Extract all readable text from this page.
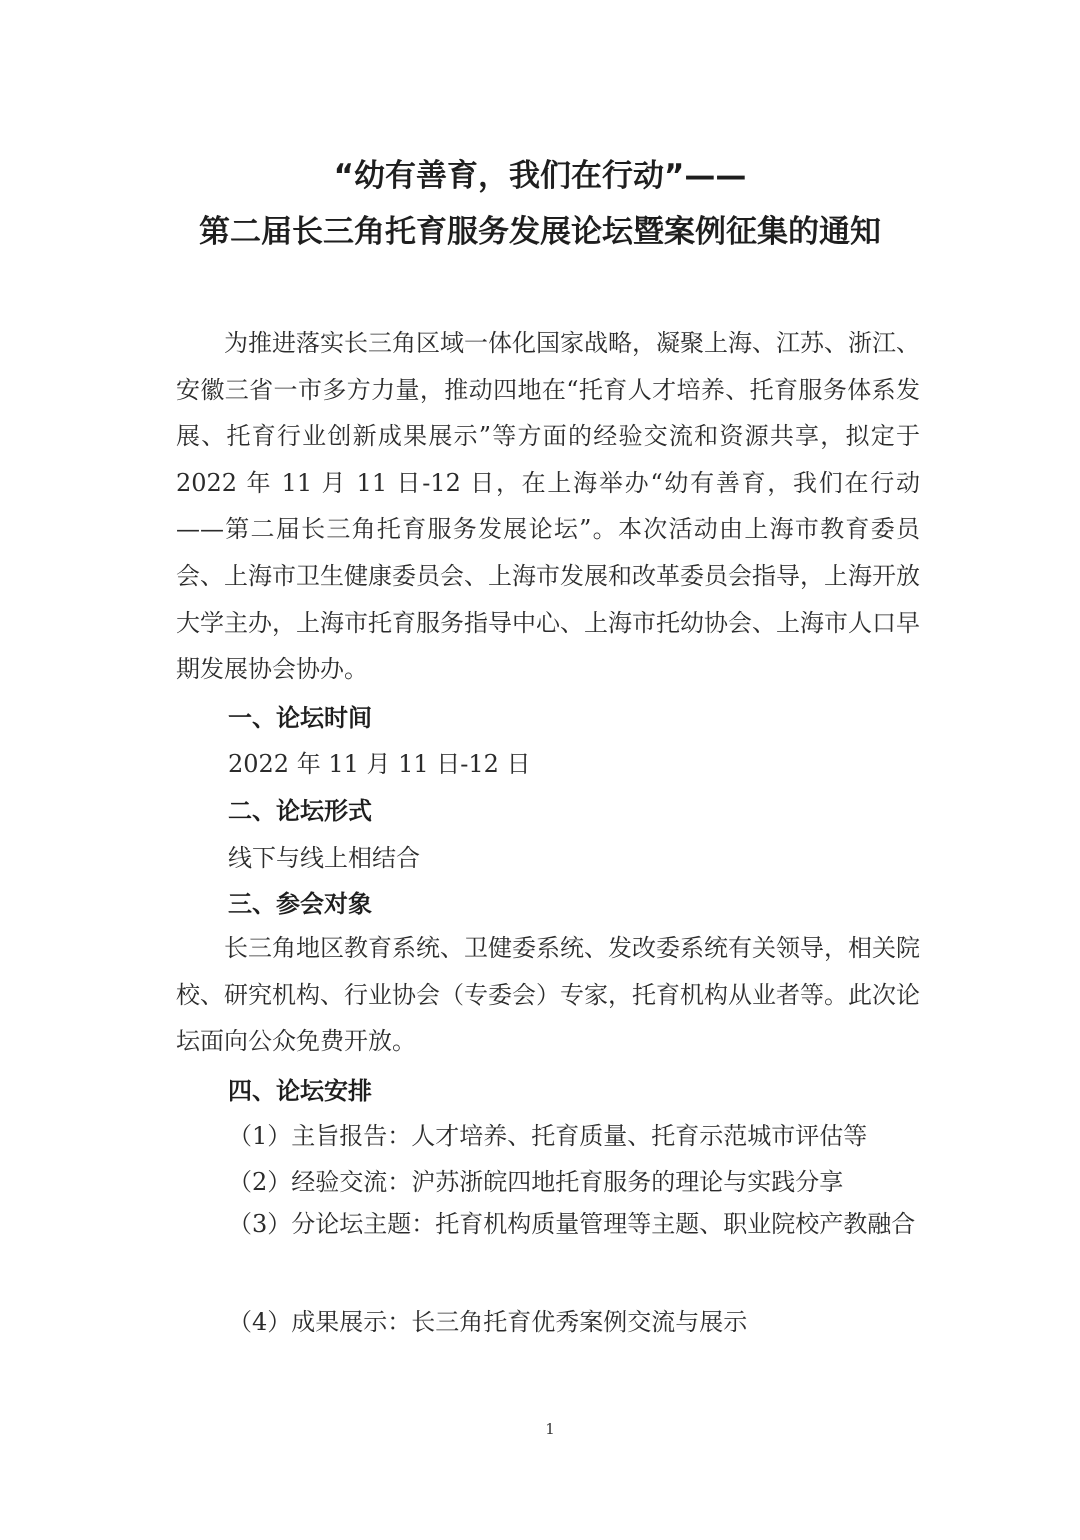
“幼有善育，我们在行动”——
第二届长三角托育服务发展论坛暨案例征集的通知

为推进落实长三角区域一体化国家战略，凝聚上海、江苏、浙江、安徽三省一市多方力量，推动四地在“托育人才培养、托育服务体系发展、托育行业创新成果展示”等方面的经验交流和资源共享，拟定于 2022 年 11 月 11 日-12 日，在上海举办“幼有善育，我们在行动——第二届长三角托育服务发展论坛”。本次活动由上海市教育委员会、上海市卫生健康委员会、上海市发展和改革委员会指导，上海开放大学主办，上海市托育服务指导中心、上海市托幼协会、上海市人口早期发展协会协办。

一、论坛时间
2022 年 11 月 11 日-12 日
二、论坛形式
线下与线上相结合
三、参会对象

长三角地区教育系统、卫健委系统、发改委系统有关领导，相关院校、研究机构、行业协会（专委会）专家，托育机构从业者等。此次论坛面向公众免费开放。

四、论坛安排
（1）主旨报告：人才培养、托育质量、托育示范城市评估等
（2）经验交流：沪苏浙皖四地托育服务的理论与实践分享

（3）分论坛主题：托育机构质量管理等主题、职业院校产教融合

（4）成果展示：长三角托育优秀案例交流与展示
1
